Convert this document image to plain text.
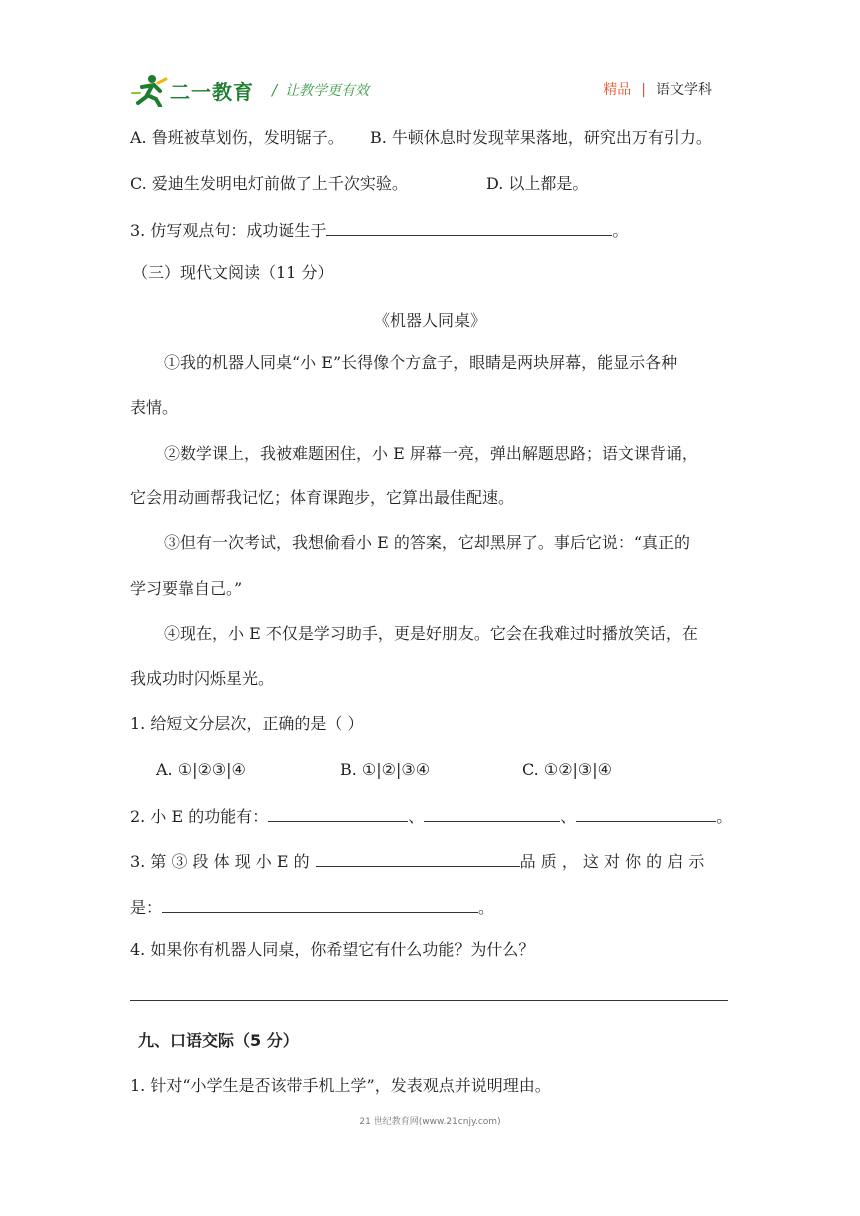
二一教育 / 让教学更有效	精品 | 语文学科
A. 鲁班被草划伤，发明锯子。 B. 牛顿休息时发现苹果落地，研究出万有引力。
C. 爱迪生发明电灯前做了上千次实验。	D. 以上都是。
3. 仿写观点句：成功诞生于	。
（三）现代文阅读（11 分）
《机器人同桌》
①我的机器人同桌“小 E”长得像个方盒子，眼睛是两块屏幕，能显示各种
表情。
②数学课上，我被难题困住，小 E 屏幕一亮，弹出解题思路；语文课背诵，
它会用动画帮我记忆；体育课跑步，它算出最佳配速。
③但有一次考试，我想偷看小 E 的答案，它却黑屏了。事后它说：“真正的
学习要靠自己。”
④现在，小 E 不仅是学习助手，更是好朋友。它会在我难过时播放笑话，在
我成功时闪烁星光。
1. 给短文分层次，正确的是（ ）
A. ①|②③|④	B. ①|②|③④	C. ①②|③|④
2. 小 E 的功能有：	、	、	。
3. 第 ③ 段 体 现 小 E 的	品 质 ， 这 对 你 的 启 示
是：	。
4. 如果你有机器人同桌，你希望它有什么功能？为什么？
九、口语交际（5 分）
1. 针对“小学生是否该带手机上学”，发表观点并说明理由。
21 世纪教育网(www.21cnjy.com)
